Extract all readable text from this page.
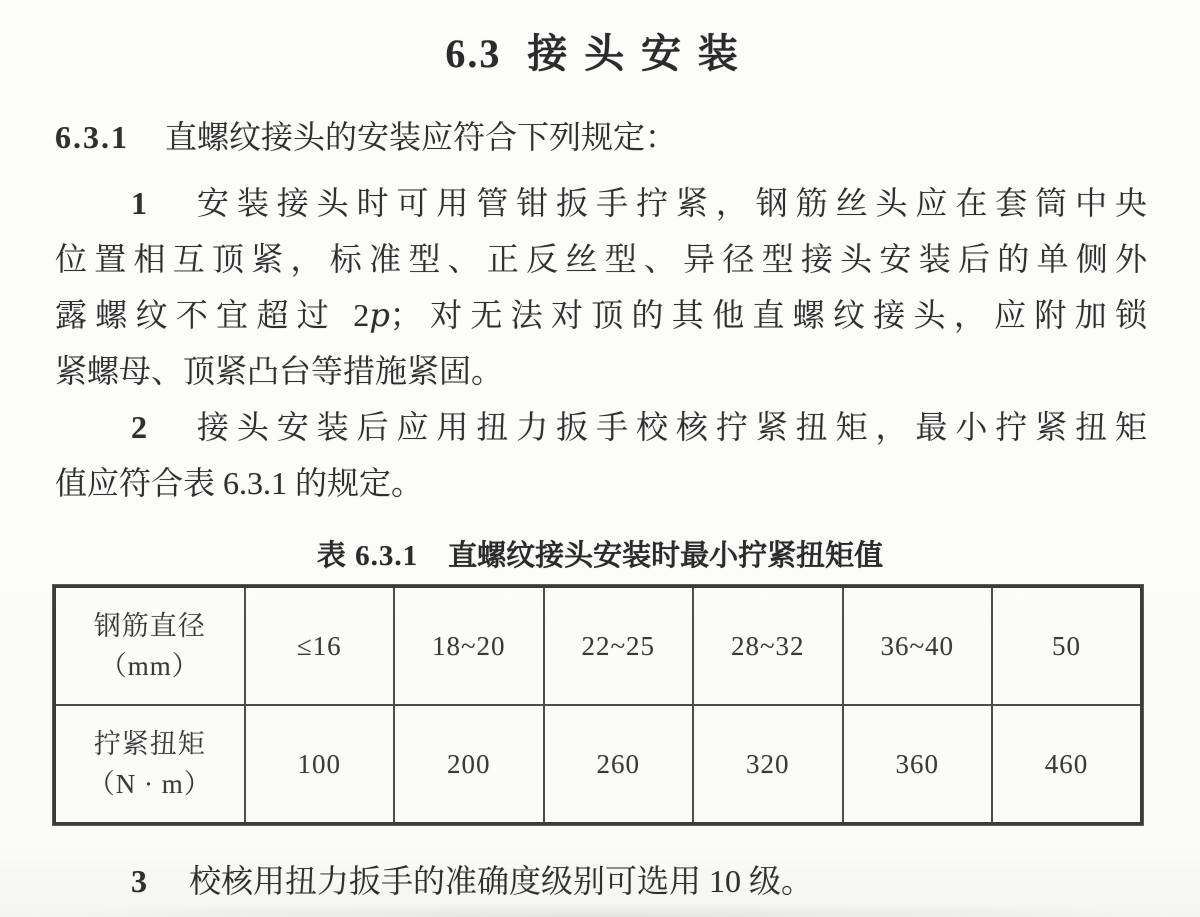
6.3 接头安装
6.3.1 直螺纹接头的安装应符合下列规定：
1 安装接头时可用管钳扳手拧紧，钢筋丝头应在套筒中央
位置相互顶紧，标准型、正反丝型、异径型接头安装后的单侧外
露螺纹不宜超过 2p；对无法对顶的其他直螺纹接头，应附加锁
紧螺母、顶紧凸台等措施紧固。
2 接头安装后应用扭力扳手校核拧紧扭矩，最小拧紧扭矩
值应符合表 6.3.1 的规定。
表 6.3.1 直螺纹接头安装时最小拧紧扭矩值
钢筋直径
（mm）	≤16	18~20	22~25	28~32	36~40	50

拧紧扭矩
（N · m）	100	200	260	320	360	460
3 校核用扭力扳手的准确度级别可选用 10 级。
